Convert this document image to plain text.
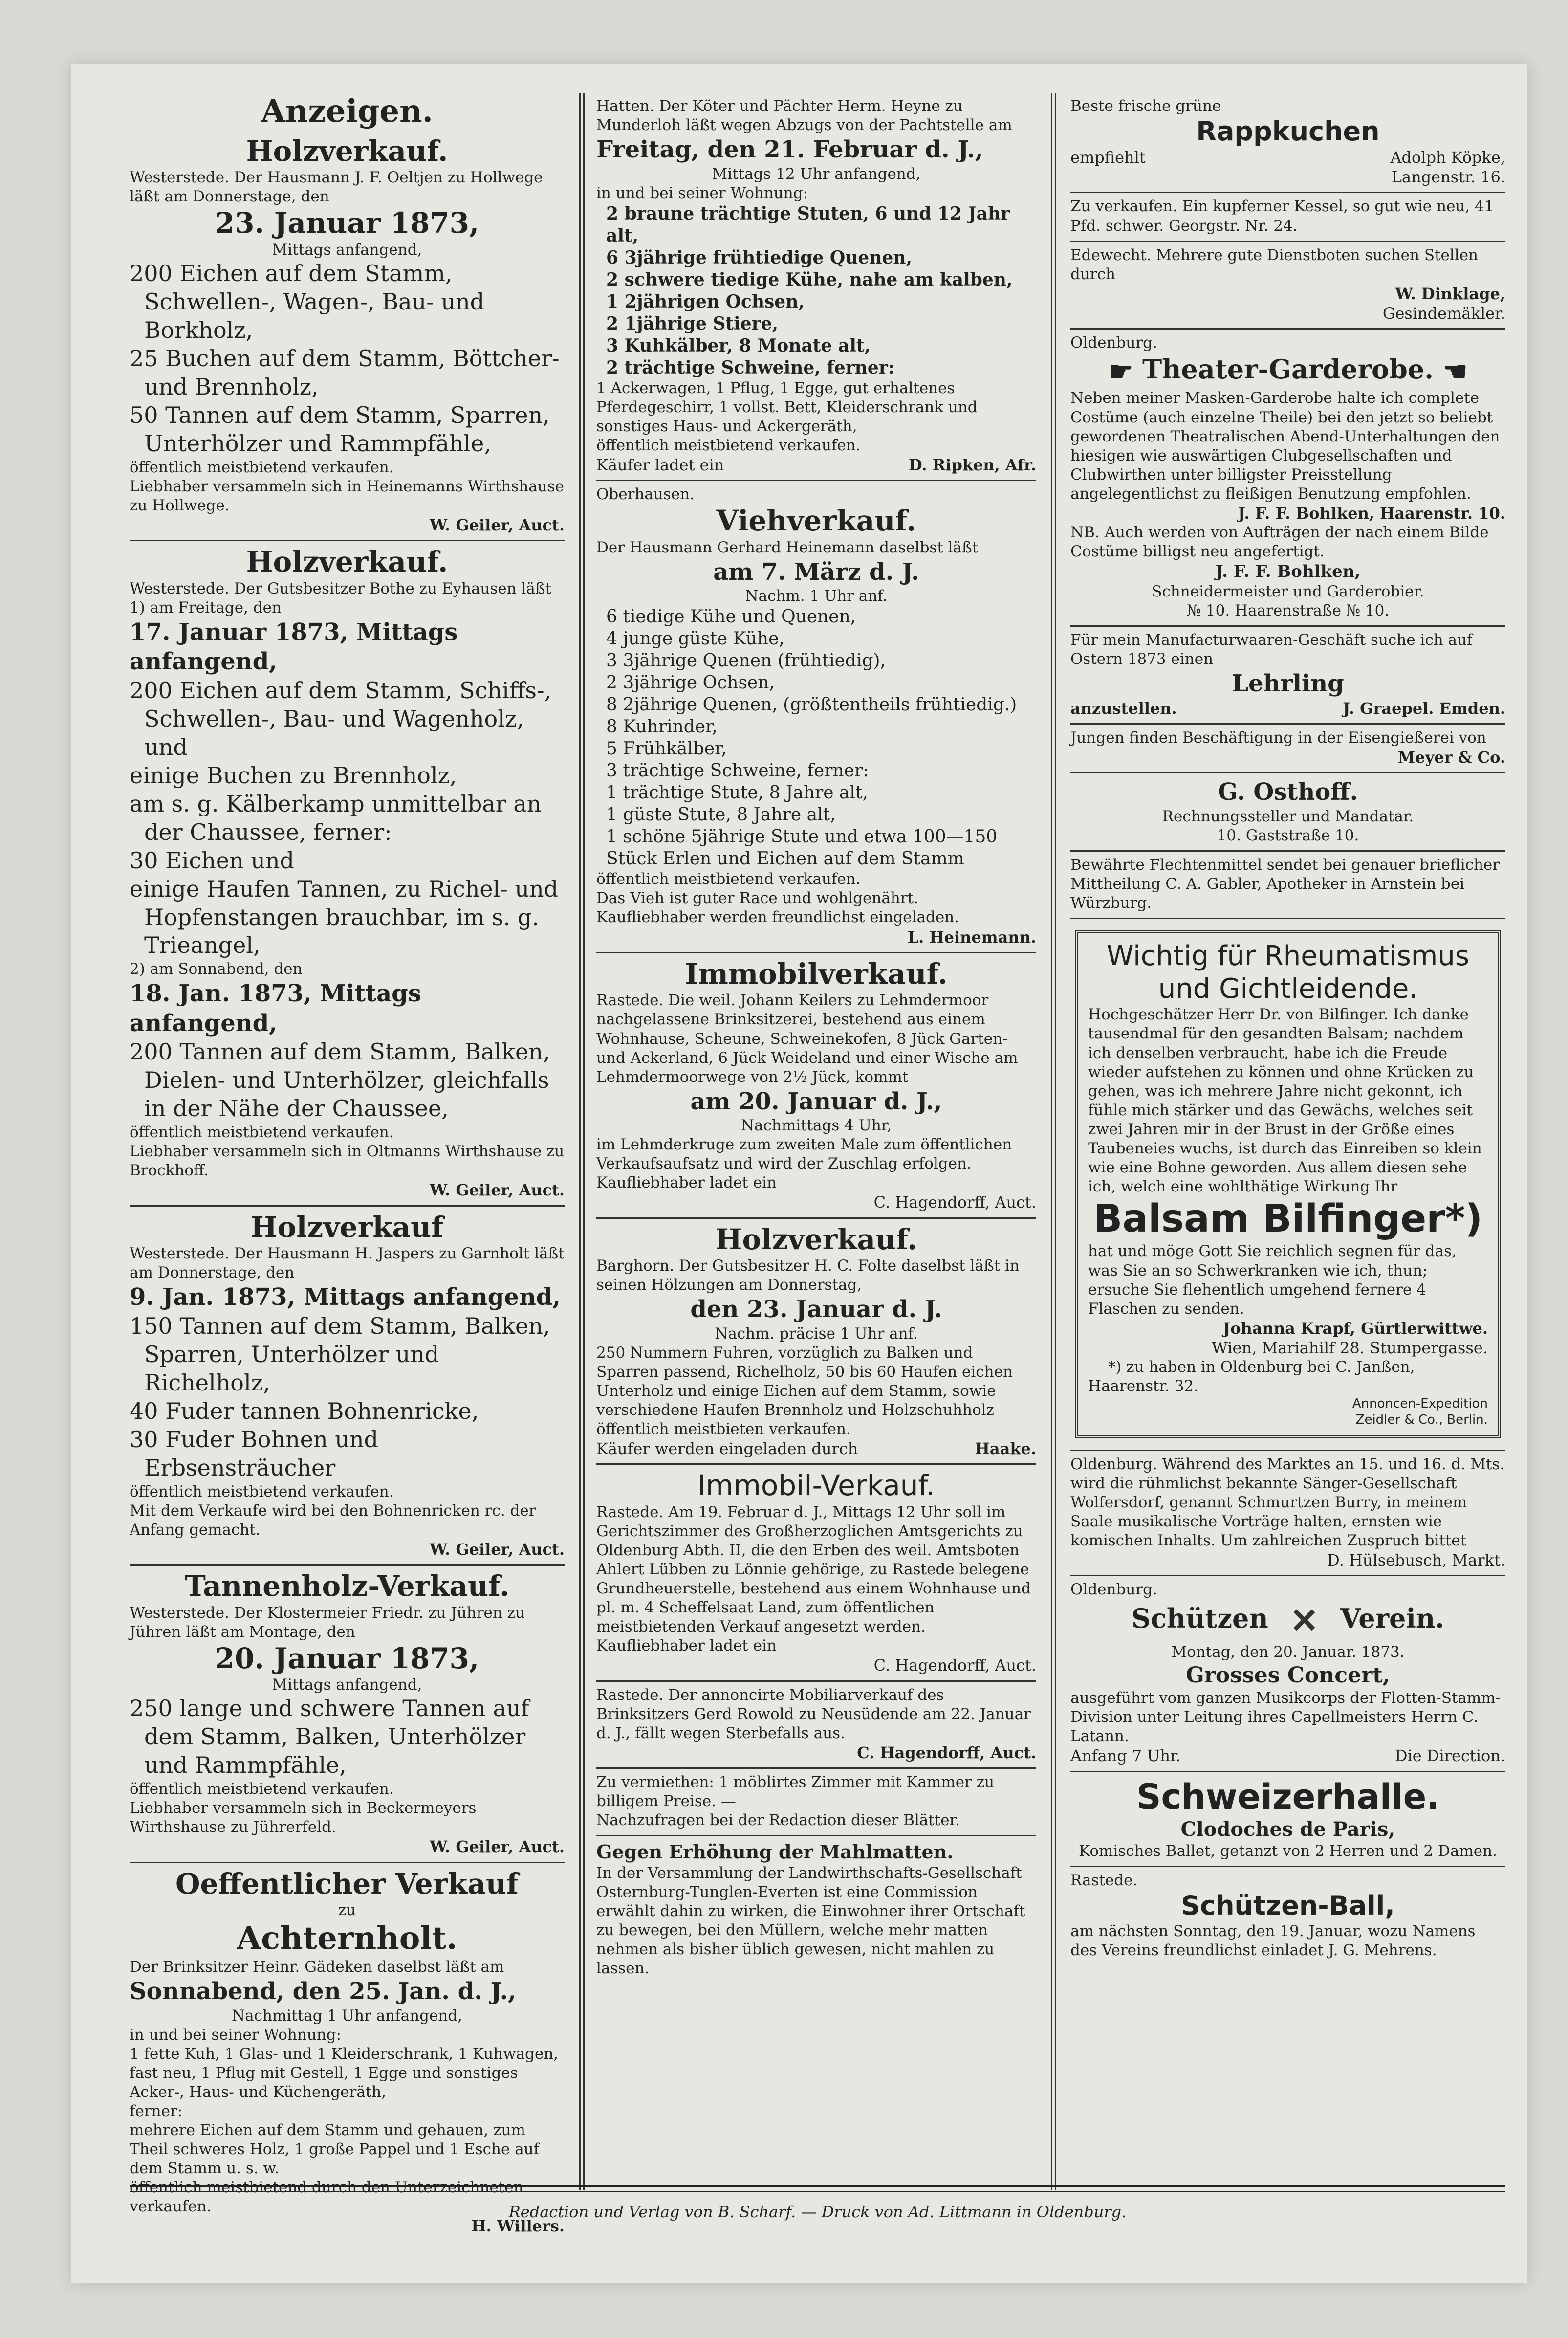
Anzeigen.
Holzverkauf.
Westerstede. Der Hausmann J. F. Oeltjen zu Hollwege läßt am Donnerstage, den
23. Januar 1873,
Mittags anfangend,
200 Eichen auf dem Stamm, Schwellen-, Wagen-, Bau- und Borkholz,
25 Buchen auf dem Stamm, Böttcher- und Brennholz,
50 Tannen auf dem Stamm, Sparren, Unterhölzer und Rammpfähle,
öffentlich meistbietend verkaufen.
Liebhaber versammeln sich in Heinemanns Wirthshause zu Hollwege.
W. Geiler, Auct.
Holzverkauf.
Westerstede. Der Gutsbesitzer Bothe zu Eyhausen läßt
1) am Freitage, den
17. Januar 1873, Mittags anfangend,
200 Eichen auf dem Stamm, Schiffs-, Schwellen-, Bau- und Wagenholz, und
einige Buchen zu Brennholz,
am s. g. Kälberkamp unmittelbar an der Chaussee, ferner:
30 Eichen und
einige Haufen Tannen, zu Richel- und Hopfenstangen brauchbar, im s. g. Trieangel,
2) am Sonnabend, den
18. Jan. 1873, Mittags anfangend,
200 Tannen auf dem Stamm, Balken, Dielen- und Unterhölzer, gleichfalls in der Nähe der Chaussee,
öffentlich meistbietend verkaufen.
Liebhaber versammeln sich in Oltmanns Wirthshause zu Brockhoff.
W. Geiler, Auct.
Holzverkauf
Westerstede. Der Hausmann H. Jaspers zu Garnholt läßt am Donnerstage, den
9. Jan. 1873, Mittags anfangend,
150 Tannen auf dem Stamm, Balken, Sparren, Unterhölzer und Richelholz,
40 Fuder tannen Bohnenricke,
30 Fuder Bohnen und Erbsensträucher
öffentlich meistbietend verkaufen.
Mit dem Verkaufe wird bei den Bohnenricken rc. der Anfang gemacht.
W. Geiler, Auct.
Tannenholz-Verkauf.
Westerstede. Der Klostermeier Friedr. zu Jühren zu Jühren läßt am Montage, den
20. Januar 1873,
Mittags anfangend,
250 lange und schwere Tannen auf dem Stamm, Balken, Unterhölzer und Rammpfähle,
öffentlich meistbietend verkaufen.
Liebhaber versammeln sich in Beckermeyers Wirthshause zu Jührerfeld.
W. Geiler, Auct.
Oeffentlicher Verkauf
zu
Achternholt.
Der Brinksitzer Heinr. Gädeken daselbst läßt am
Sonnabend, den 25. Jan. d. J.,
Nachmittag 1 Uhr anfangend,
in und bei seiner Wohnung:
1 fette Kuh, 1 Glas- und 1 Kleiderschrank, 1 Kuhwagen, fast neu, 1 Pflug mit Gestell, 1 Egge und sonstiges Acker-, Haus- und Küchengeräth,
ferner:
mehrere Eichen auf dem Stamm und gehauen, zum Theil schweres Holz, 1 große Pappel und 1 Esche auf dem Stamm u. s. w.
öffentlich meistbietend durch den Unterzeichneten verkaufen.
H. Willers.
Hatten. Der Köter und Pächter Herm. Heyne zu Munderloh läßt wegen Abzugs von der Pachtstelle am
Freitag, den 21. Februar d. J.,
Mittags 12 Uhr anfangend,
in und bei seiner Wohnung:
2 braune trächtige Stuten, 6 und 12 Jahr alt,
6 3jährige frühtiedige Quenen,
2 schwere tiedige Kühe, nahe am kalben,
1 2jährigen Ochsen,
2 1jährige Stiere,
3 Kuhkälber, 8 Monate alt,
2 trächtige Schweine, ferner:
1 Ackerwagen, 1 Pflug, 1 Egge, gut erhaltenes Pferdegeschirr, 1 vollst. Bett, Kleiderschrank und sonstiges Haus- und Ackergeräth,
öffentlich meistbietend verkaufen.
Käufer ladet ein	D. Ripken, Afr.
Oberhausen.
Viehverkauf.
Der Hausmann Gerhard Heinemann daselbst läßt
am 7. März d. J.
Nachm. 1 Uhr anf.
6 tiedige Kühe und Quenen,
4 junge güste Kühe,
3 3jährige Quenen (frühtiedig),
2 3jährige Ochsen,
8 2jährige Quenen, (größtentheils frühtiedig.)
8 Kuhrinder,
5 Frühkälber,
3 trächtige Schweine, ferner:
1 trächtige Stute, 8 Jahre alt,
1 güste Stute, 8 Jahre alt,
1 schöne 5jährige Stute und etwa 100—150 Stück Erlen und Eichen auf dem Stamm
öffentlich meistbietend verkaufen.
Das Vieh ist guter Race und wohlgenährt.
Kaufliebhaber werden freundlichst eingeladen.
L. Heinemann.
Immobilverkauf.
Rastede. Die weil. Johann Keilers zu Lehmdermoor nachgelassene Brinksitzerei, bestehend aus einem Wohnhause, Scheune, Schweinekofen, 8 Jück Garten- und Ackerland, 6 Jück Weideland und einer Wische am Lehmdermoorwege von 2½ Jück, kommt
am 20. Januar d. J.,
Nachmittags 4 Uhr,
im Lehmderkruge zum zweiten Male zum öffentlichen Verkaufsaufsatz und wird der Zuschlag erfolgen.
Kaufliebhaber ladet ein
C. Hagendorff, Auct.
Holzverkauf.
Barghorn. Der Gutsbesitzer H. C. Folte daselbst läßt in seinen Hölzungen am Donnerstag,
den 23. Januar d. J.
Nachm. präcise 1 Uhr anf.
250 Nummern Fuhren, vorzüglich zu Balken und Sparren passend, Richelholz, 50 bis 60 Haufen eichen Unterholz und einige Eichen auf dem Stamm, sowie verschiedene Haufen Brennholz und Holzschuhholz
öffentlich meistbieten verkaufen.
Käufer werden eingeladen durch	Haake.
Immobil-Verkauf.
Rastede. Am 19. Februar d. J., Mittags 12 Uhr soll im Gerichtszimmer des Großherzoglichen Amtsgerichts zu Oldenburg Abth. II, die den Erben des weil. Amtsboten Ahlert Lübben zu Lönnie gehörige, zu Rastede belegene Grundheuerstelle, bestehend aus einem Wohnhause und pl. m. 4 Scheffelsaat Land, zum öffentlichen meistbietenden Verkauf angesetzt werden.
Kaufliebhaber ladet ein
C. Hagendorff, Auct.
Rastede. Der annoncirte Mobiliarverkauf des Brinksitzers Gerd Rowold zu Neusüdende am 22. Januar d. J., fällt wegen Sterbefalls aus.
C. Hagendorff, Auct.
Zu vermiethen: 1 möblirtes Zimmer mit Kammer zu billigem Preise. —
Nachzufragen bei der Redaction dieser Blätter.
Gegen Erhöhung der Mahlmatten.
In der Versammlung der Landwirthschafts-Gesellschaft Osternburg-Tunglen-Everten ist eine Commission erwählt dahin zu wirken, die Einwohner ihrer Ortschaft zu bewegen, bei den Müllern, welche mehr matten nehmen als bisher üblich gewesen, nicht mahlen zu lassen.
Beste frische grüne
Rappkuchen
empfiehlt	Adolph Köpke,
Langenstr. 16.
Zu verkaufen. Ein kupferner Kessel, so gut wie neu, 41 Pfd. schwer. Georgstr. Nr. 24.
Edewecht. Mehrere gute Dienstboten suchen Stellen durch
W. Dinklage,
Gesindemäkler.
Oldenburg.
☛ Theater-Garderobe. ☛
Neben meiner Masken-Garderobe halte ich complete Costüme (auch einzelne Theile) bei den jetzt so beliebt gewordenen Theatralischen Abend-Unterhaltungen den hiesigen wie auswärtigen Clubgesellschaften und Clubwirthen unter billigster Preisstellung angelegentlichst zu fleißigen Benutzung empfohlen.
J. F. F. Bohlken, Haarenstr. 10.
NB. Auch werden von Aufträgen der nach einem Bilde Costüme billigst neu angefertigt.
J. F. F. Bohlken,
Schneidermeister und Garderobier.
№ 10. Haarenstraße № 10.
Für mein Manufacturwaaren-Geschäft suche ich auf Ostern 1873 einen
Lehrling
anzustellen.	J. Graepel. Emden.
Jungen finden Beschäftigung in der Eisengießerei von
Meyer & Co.
G. Osthoff.
Rechnungssteller und Mandatar.
10. Gaststraße 10.
Bewährte Flechtenmittel sendet bei genauer brieflicher Mittheilung C. A. Gabler, Apotheker in Arnstein bei Würzburg.
Wichtig für Rheumatismus
und Gichtleidende.
Hochgeschätzer Herr Dr. von Bilfinger. Ich danke tausendmal für den gesandten Balsam; nachdem ich denselben verbraucht, habe ich die Freude wieder aufstehen zu können und ohne Krücken zu gehen, was ich mehrere Jahre nicht gekonnt, ich fühle mich stärker und das Gewächs, welches seit zwei Jahren mir in der Brust in der Größe eines Taubeneies wuchs, ist durch das Einreiben so klein wie eine Bohne geworden. Aus allem diesen sehe ich, welch eine wohlthätige Wirkung Ihr
Balsam Bilfinger*)
hat und möge Gott Sie reichlich segnen für das, was Sie an so Schwerkranken wie ich, thun; ersuche Sie flehentlich umgehend fernere 4 Flaschen zu senden.
Johanna Krapf, Gürtlerwittwe.
Wien, Mariahilf 28. Stumpergasse.
— *) zu haben in Oldenburg bei C. Janßen, Haarenstr. 32.
Annoncen-Expedition
Zeidler & Co., Berlin.
Oldenburg. Während des Marktes an 15. und 16. d. Mts. wird die rühmlichst bekannte Sänger-Gesellschaft Wolfersdorf, genannt Schmurtzen Burry, in meinem Saale musikalische Vorträge halten, ernsten wie komischen Inhalts. Um zahlreichen Zuspruch bittet
D. Hülsebusch, Markt.
Oldenburg.
Schützen ✕ Verein.
Montag, den 20. Januar. 1873.
Grosses Concert,
ausgeführt vom ganzen Musikcorps der Flotten-Stamm-Division unter Leitung ihres Capellmeisters Herrn C. Latann.
Anfang 7 Uhr.	Die Direction.
Schweizerhalle.
Clodoches de Paris,
Komisches Ballet, getanzt von 2 Herren und 2 Damen.
Rastede.
Schützen-Ball,
am nächsten Sonntag, den 19. Januar, wozu Namens des Vereins freundlichst einladet J. G. Mehrens.
Redaction und Verlag von B. Scharf. — Druck von Ad. Littmann in Oldenburg.
